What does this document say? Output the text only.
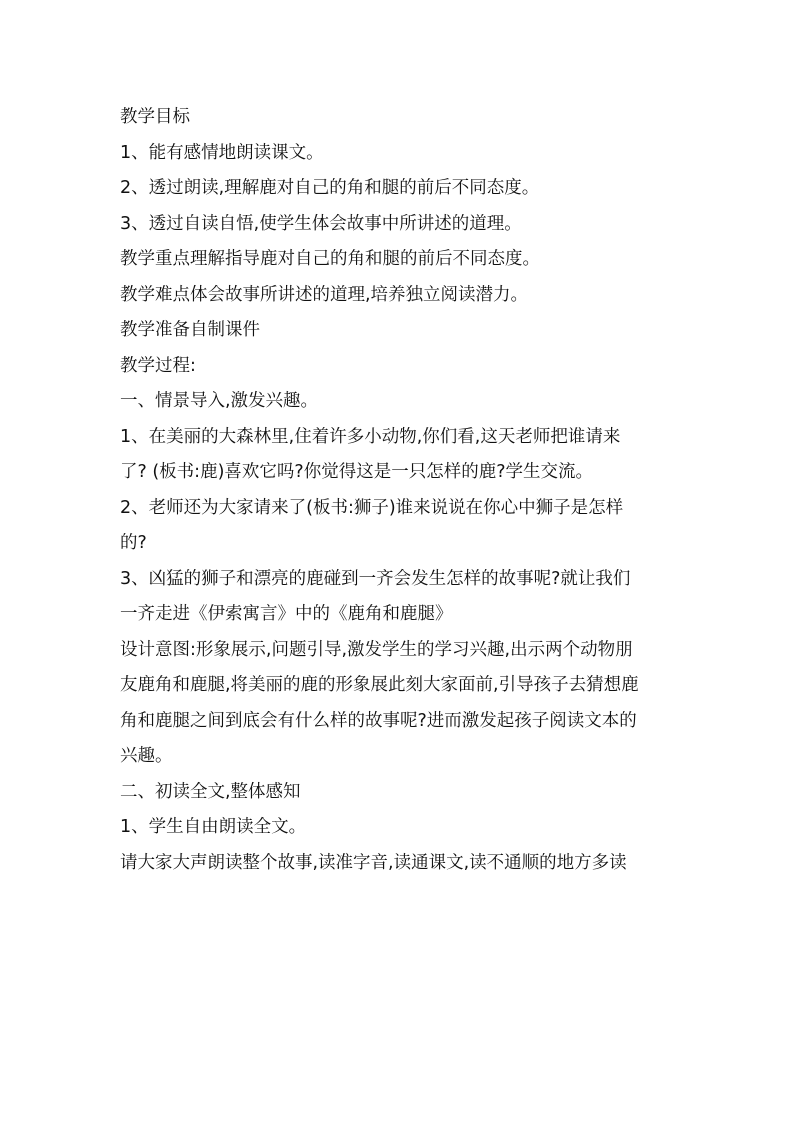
教学目标

1、能有感情地朗读课文。

2、透过朗读,理解鹿对自己的角和腿的前后不同态度。

3、透过自读自悟,使学生体会故事中所讲述的道理。

教学重点理解指导鹿对自己的角和腿的前后不同态度。

教学难点体会故事所讲述的道理,培养独立阅读潜力。

教学准备自制课件

教学过程:

一、情景导入,激发兴趣。

1、在美丽的大森林里,住着许多小动物,你们看,这天老师把谁请来

了? (板书:鹿)喜欢它吗?你觉得这是一只怎样的鹿?学生交流。

2、老师还为大家请来了(板书:狮子)谁来说说在你心中狮子是怎样

的?

3、凶猛的狮子和漂亮的鹿碰到一齐会发生怎样的故事呢?就让我们

一齐走进《伊索寓言》中的《鹿角和鹿腿》

设计意图:形象展示,问题引导,激发学生的学习兴趣,出示两个动物朋

友鹿角和鹿腿,将美丽的鹿的形象展此刻大家面前,引导孩子去猜想鹿

角和鹿腿之间到底会有什么样的故事呢?进而激发起孩子阅读文本的

兴趣。

二、初读全文,整体感知

1、学生自由朗读全文。

请大家大声朗读整个故事,读准字音,读通课文,读不通顺的地方多读
